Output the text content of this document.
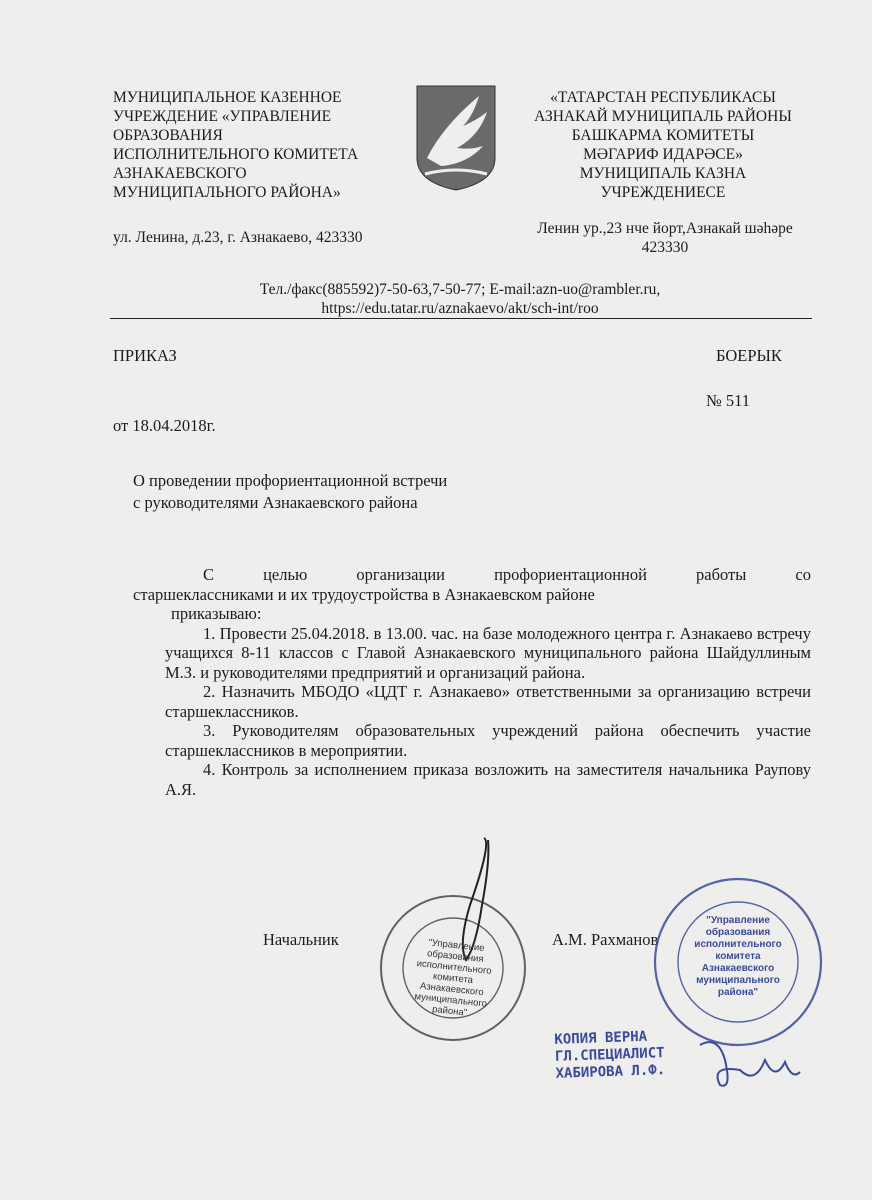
МУНИЦИПАЛЬНОЕ КАЗЕННОЕ
УЧРЕЖДЕНИЕ «УПРАВЛЕНИЕ
ОБРАЗОВАНИЯ
ИСПОЛНИТЕЛЬНОГО КОМИТЕТА
АЗНАКАЕВСКОГО
МУНИЦИПАЛЬНОГО РАЙОНА»
«ТАТАРСТАН РЕСПУБЛИКАСЫ
АЗНАКАЙ МУНИЦИПАЛЬ РАЙОНЫ
БАШКАРМА КОМИТЕТЫ
МӘГАРИФ ИДАРӘСЕ»
МУНИЦИПАЛЬ КАЗНА
УЧРЕЖДЕНИЕСЕ
ул. Ленина, д.23, г. Азнакаево, 423330
Ленин ур.,23 нче йорт,Азнакай шәһәре
423330
Тел./факс(885592)7-50-63,7-50-77; E-mail:azn-uo@rambler.ru,
https://edu.tatar.ru/aznakaevo/akt/sch-int/roo
ПРИКАЗ	БОЕРЫК
№ 511
от 18.04.2018г.
О проведении профориентационной встречи
с руководителями Азнакаевского района

С целью организации профориентационной работы со

старшеклассниками и их трудоустройства в Азнакаевском районе

приказываю:

1. Провести 25.04.2018. в 13.00. час. на базе молодежного центра г. Азнакаево встречу учащихся 8-11 классов с Главой Азнакаевского муниципального района Шайдуллиным М.З. и руководителями предприятий и организаций района.

2. Назначить МБОДО «ЦДТ г. Азнакаево» ответственными за организацию встречи старшеклассников.

3. Руководителям образовательных учреждений района обеспечить участие старшеклассников в мероприятии.

4. Контроль за исполнением приказа возложить на заместителя начальника Раупову А.Я.

Начальник	А.М. Рахманов
"Управление образования исполнительного комитета Азнакаевского муниципального района"
"Управление образования исполнительного комитета Азнакаевского муниципального района"
КОПИЯ ВЕРНА
ГЛ.СПЕЦИАЛИСТ
ХАБИРОВА Л.Ф.
